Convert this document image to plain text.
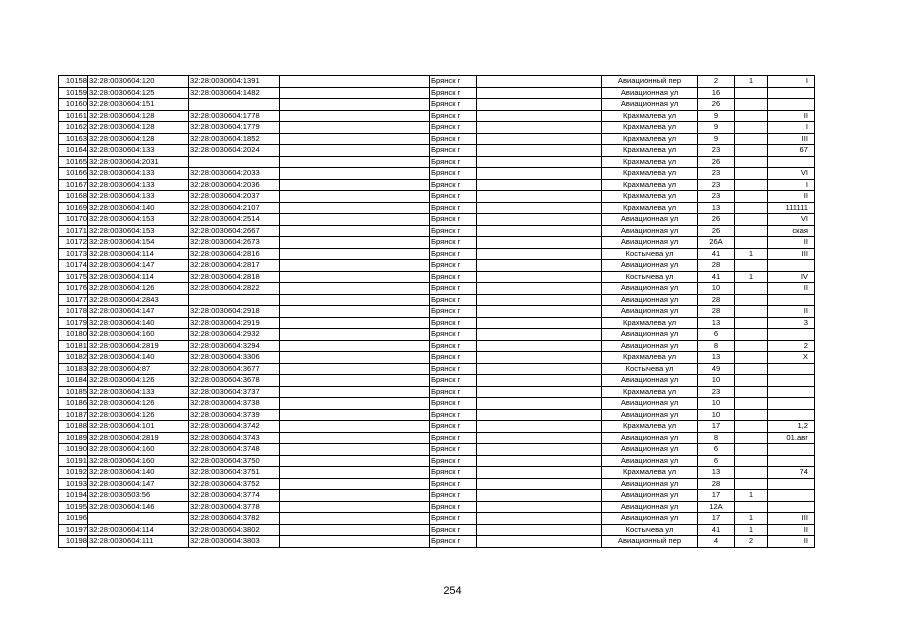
10158	32:28:0030604:120	32:28:0030604:1391		Брянск г		Авиационный пер	2	1	I
10159	32:28:0030604:125	32:28:0030604:1482		Брянск г		Авиационная ул	16		
10160	32:28:0030604:151			Брянск г		Авиационная ул	26		
10161	32:28:0030604:128	32:28:0030604:1778		Брянск г		Крахмалева ул	9		II
10162	32:28:0030604:128	32:28:0030604:1779		Брянск г		Крахмалева ул	9		I
10163	32:28:0030604:128	32:28:0030604:1852		Брянск г		Крахмалева ул	9		III
10164	32:28:0030604:133	32:28:0030604:2024		Брянск г		Крахмалева ул	23		67
10165	32:28:0030604:2031			Брянск г		Крахмалева ул	26		
10166	32:28:0030604:133	32:28:0030604:2033		Брянск г		Крахмалева ул	23		VI
10167	32:28:0030604:133	32:28:0030604:2036		Брянск г		Крахмалева ул	23		I
10168	32:28:0030604:133	32:28:0030604:2037		Брянск г		Крахмалева ул	23		II
10169	32:28:0030604:140	32:28:0030604:2107		Брянск г		Крахмалева ул	13		111111
10170	32:28:0030604:153	32:28:0030604:2514		Брянск г		Авиационная ул	26		VI
10171	32:28:0030604:153	32:28:0030604:2667		Брянск г		Авиационная ул	26		ская
10172	32:28:0030604:154	32:28:0030604:2673		Брянск г		Авиационная ул	26А		II
10173	32:28:0030604:114	32:28:0030604:2816		Брянск г		Костычева ул	41	1	III
10174	32:28:0030604:147	32:28:0030604:2817		Брянск г		Авиационная ул	28		
10175	32:28:0030604:114	32:28:0030604:2818		Брянск г		Костычева ул	41	1	IV
10176	32:28:0030604:126	32:28:0030604:2822		Брянск г		Авиационная ул	10		II
10177	32:28:0030604:2843			Брянск г		Авиационная ул	28		
10178	32:28:0030604:147	32:28:0030604:2918		Брянск г		Авиационная ул	28		II
10179	32:28:0030604:140	32:28:0030604:2919		Брянск г		Крахмалева ул	13		3
10180	32:28:0030604:160	32:28:0030604:2932		Брянск г		Авиационная ул	6		
10181	32:28:0030604:2819	32:28:0030604:3294		Брянск г		Авиационная ул	8		2
10182	32:28:0030604:140	32:28:0030604:3306		Брянск г		Крахмалева ул	13		X
10183	32:28:0030604:87	32:28:0030604:3677		Брянск г		Костычева ул	49		
10184	32:28:0030604:126	32:28:0030604:3678		Брянск г		Авиационная ул	10		
10185	32:28:0030604:133	32:28:0030604:3737		Брянск г		Крахмалева ул	23		
10186	32:28:0030604:126	32:28:0030604:3738		Брянск г		Авиационная ул	10		
10187	32:28:0030604:126	32:28:0030604:3739		Брянск г		Авиационная ул	10		
10188	32:28:0030604:101	32:28:0030604:3742		Брянск г		Крахмалева ул	17		1,2
10189	32:28:0030604:2819	32:28:0030604:3743		Брянск г		Авиационная ул	8		01.авг
10190	32:28:0030604:160	32:28:0030604:3748		Брянск г		Авиационная ул	6		
10191	32:28:0030604:160	32:28:0030604:3750		Брянск г		Авиационная ул	6		
10192	32:28:0030604:140	32:28:0030604:3751		Брянск г		Крахмалева ул	13		74
10193	32:28:0030604:147	32:28:0030604:3752		Брянск г		Авиационная ул	28		
10194	32:28:0030503:56	32:28:0030604:3774		Брянск г		Авиационная ул	17	1	
10195	32:28:0030604:146	32:28:0030604:3778		Брянск г		Авиационная ул	12А		
10196		32:28:0030604:3782		Брянск г		Авиационная ул	17	1	III
10197	32:28:0030604:114	32:28:0030604:3802		Брянск г		Костычева ул	41	1	II
10198	32:28:0030604:111	32:28:0030604:3803		Брянск г		Авиационный пер	4	2	II
254
